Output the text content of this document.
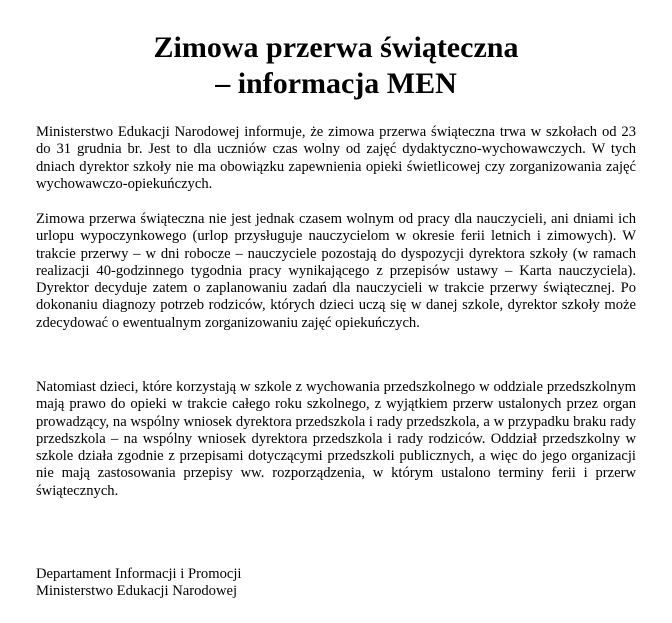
Zimowa przerwa świąteczna
– informacja MEN

Ministerstwo Edukacji Narodowej informuje, że zimowa przerwa świąteczna trwa w szkołach od 23 do 31 grudnia br. Jest to dla uczniów czas wolny od zajęć dydaktyczno-wychowawczych. W tych dniach dyrektor szkoły nie ma obowiązku zapewnienia opieki świetlicowej czy zorganizowania zajęć wychowawczo-opiekuńczych.

Zimowa przerwa świąteczna nie jest jednak czasem wolnym od pracy dla nauczycieli, ani dniami ich urlopu wypoczynkowego (urlop przysługuje nauczycielom w okresie ferii letnich i zimowych). W trakcie przerwy – w dni robocze – nauczyciele pozostają do dyspozycji dyrektora szkoły (w ramach realizacji 40-godzinnego tygodnia pracy wynikającego z przepisów ustawy – Karta nauczyciela). Dyrektor decyduje zatem o zaplanowaniu zadań dla nauczycieli w trakcie przerwy świątecznej. Po dokonaniu diagnozy potrzeb rodziców, których dzieci uczą się w danej szkole, dyrektor szkoły może zdecydować o ewentualnym zorganizowaniu zajęć opiekuńczych.

Natomiast dzieci, które korzystają w szkole z wychowania przedszkolnego w oddziale przedszkolnym mają prawo do opieki w trakcie całego roku szkolnego, z wyjątkiem przerw ustalonych przez organ prowadzący, na wspólny wniosek dyrektora przedszkola i rady przedszkola, a w przypadku braku rady przedszkola – na wspólny wniosek dyrektora przedszkola i rady rodziców. Oddział przedszkolny w szkole działa zgodnie z przepisami dotyczącymi przedszkoli publicznych, a więc do jego organizacji nie mają zastosowania przepisy ww. rozporządzenia, w którym ustalono terminy ferii i przerw świątecznych.

Departament Informacji i Promocji
Ministerstwo Edukacji Narodowej
